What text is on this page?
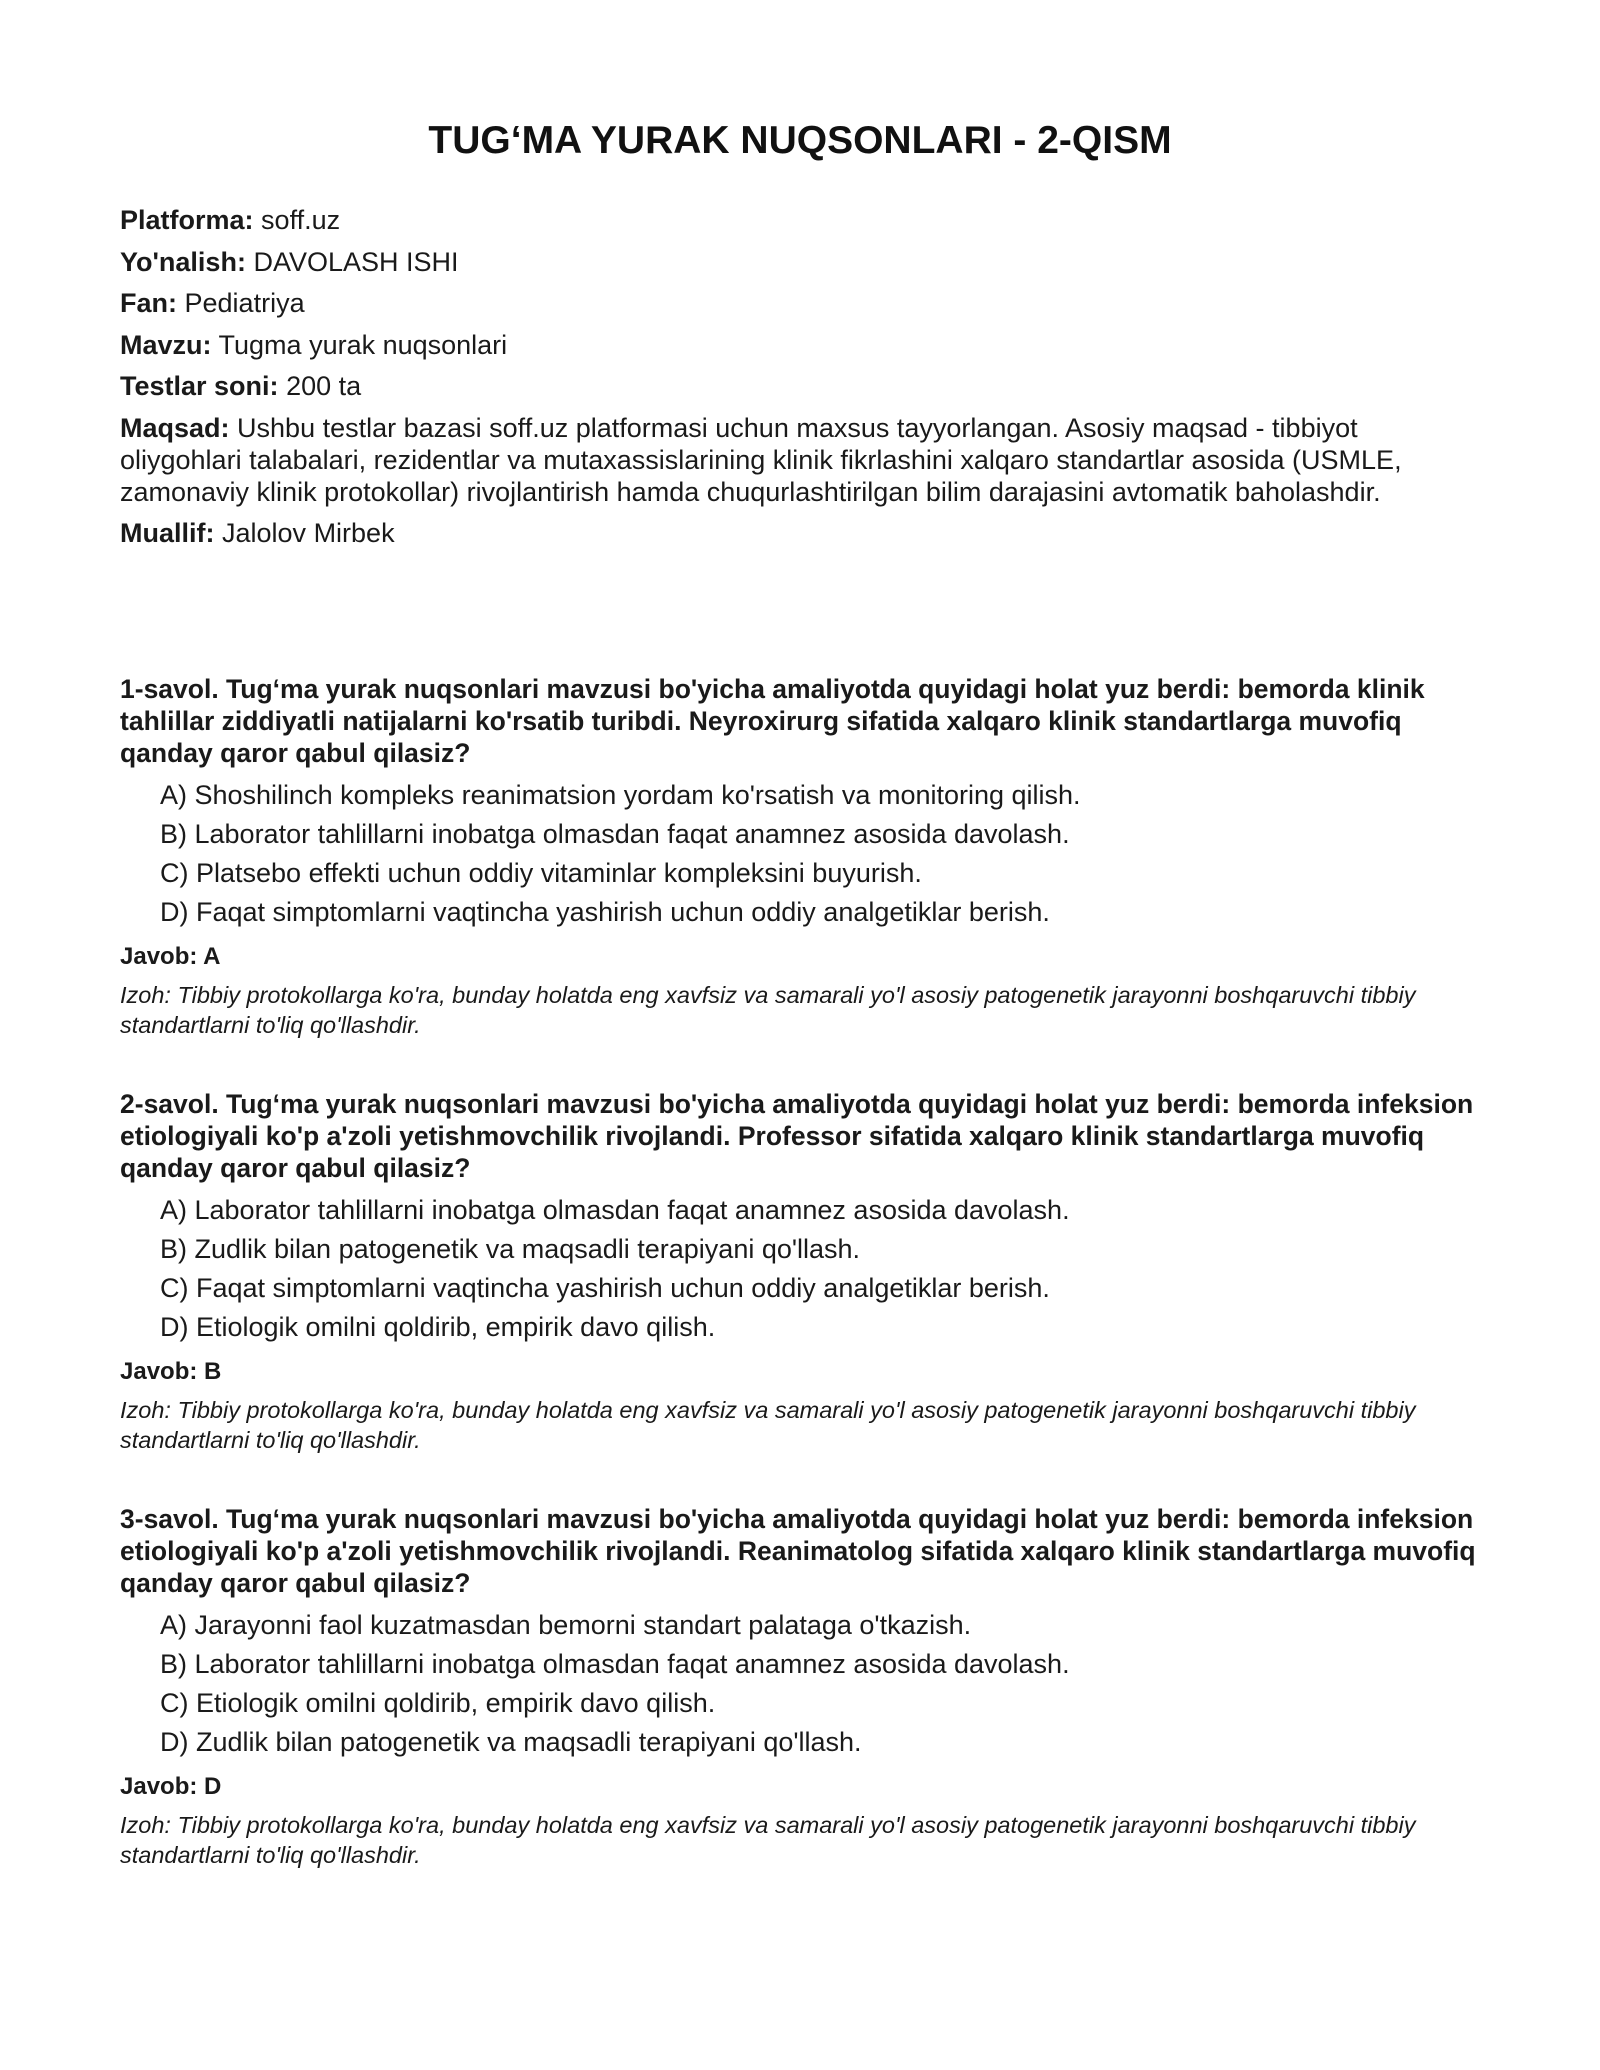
TUG‘MA YURAK NUQSONLARI - 2-QISM
Platforma: soff.uz
Yo'nalish: DAVOLASH ISHI
Fan: Pediatriya
Mavzu: Tugma yurak nuqsonlari
Testlar soni: 200 ta
Maqsad: Ushbu testlar bazasi soff.uz platformasi uchun maxsus tayyorlangan. Asosiy maqsad - tibbiyot oliygohlari talabalari, rezidentlar va mutaxassislarining klinik fikrlashini xalqaro standartlar asosida (USMLE, zamonaviy klinik protokollar) rivojlantirish hamda chuqurlashtirilgan bilim darajasini avtomatik baholashdir.
Muallif: Jalolov Mirbek
1-savol. Tug‘ma yurak nuqsonlari mavzusi bo'yicha amaliyotda quyidagi holat yuz berdi: bemorda klinik tahlillar ziddiyatli natijalarni ko'rsatib turibdi. Neyroxirurg sifatida xalqaro klinik standartlarga muvofiq qanday qaror qabul qilasiz?
A) Shoshilinch kompleks reanimatsion yordam ko'rsatish va monitoring qilish.
B) Laborator tahlillarni inobatga olmasdan faqat anamnez asosida davolash.
C) Platsebo effekti uchun oddiy vitaminlar kompleksini buyurish.
D) Faqat simptomlarni vaqtincha yashirish uchun oddiy analgetiklar berish.
Javob: A
Izoh: Tibbiy protokollarga ko'ra, bunday holatda eng xavfsiz va samarali yo'l asosiy patogenetik jarayonni boshqaruvchi tibbiy standartlarni to'liq qo'llashdir.
2-savol. Tug‘ma yurak nuqsonlari mavzusi bo'yicha amaliyotda quyidagi holat yuz berdi: bemorda infeksion etiologiyali ko'p a'zoli yetishmovchilik rivojlandi. Professor sifatida xalqaro klinik standartlarga muvofiq qanday qaror qabul qilasiz?
A) Laborator tahlillarni inobatga olmasdan faqat anamnez asosida davolash.
B) Zudlik bilan patogenetik va maqsadli terapiyani qo'llash.
C) Faqat simptomlarni vaqtincha yashirish uchun oddiy analgetiklar berish.
D) Etiologik omilni qoldirib, empirik davo qilish.
Javob: B
Izoh: Tibbiy protokollarga ko'ra, bunday holatda eng xavfsiz va samarali yo'l asosiy patogenetik jarayonni boshqaruvchi tibbiy standartlarni to'liq qo'llashdir.
3-savol. Tug‘ma yurak nuqsonlari mavzusi bo'yicha amaliyotda quyidagi holat yuz berdi: bemorda infeksion etiologiyali ko'p a'zoli yetishmovchilik rivojlandi. Reanimatolog sifatida xalqaro klinik standartlarga muvofiq qanday qaror qabul qilasiz?
A) Jarayonni faol kuzatmasdan bemorni standart palataga o'tkazish.
B) Laborator tahlillarni inobatga olmasdan faqat anamnez asosida davolash.
C) Etiologik omilni qoldirib, empirik davo qilish.
D) Zudlik bilan patogenetik va maqsadli terapiyani qo'llash.
Javob: D
Izoh: Tibbiy protokollarga ko'ra, bunday holatda eng xavfsiz va samarali yo'l asosiy patogenetik jarayonni boshqaruvchi tibbiy standartlarni to'liq qo'llashdir.
